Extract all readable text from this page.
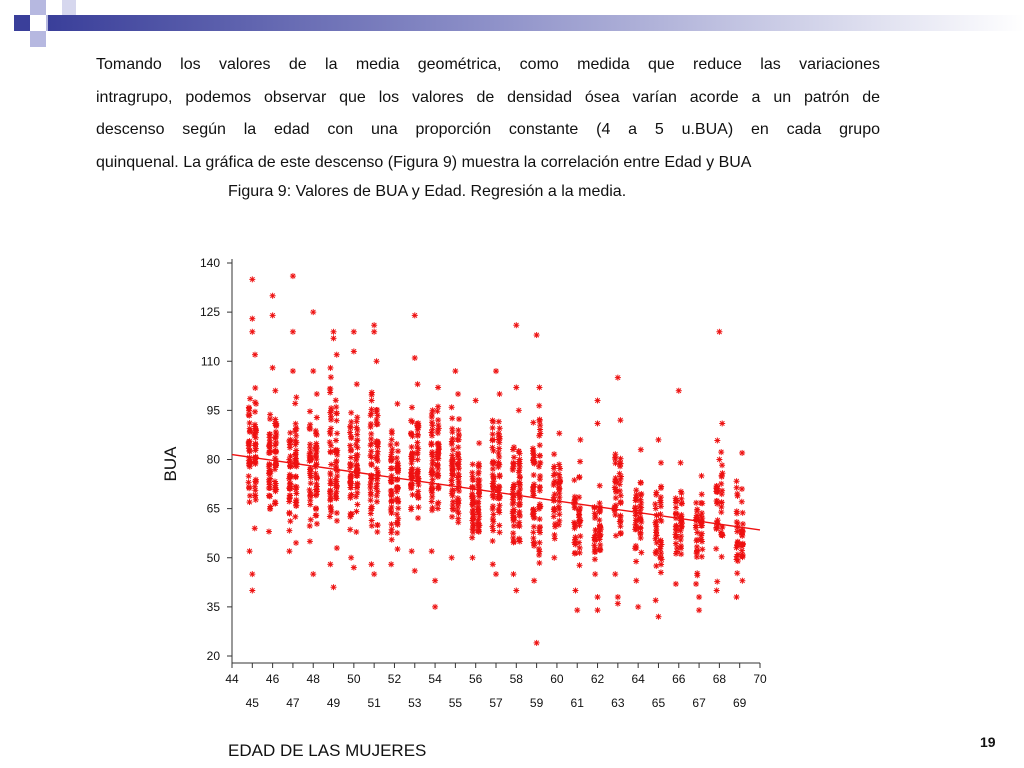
Tomando los valores de la media geométrica, como medida que reduce las variaciones

intragrupo, podemos observar que los valores de densidad ósea varían acorde a un patrón de

descenso según la edad con una proporción constante (4 a 5 u.BUA) en cada grupo

quinquenal. La gráfica de este descenso (Figura 9) muestra la correlación entre Edad y BUA

Figura 9: Valores de BUA y Edad. Regresión a la media.
BUA
140
125
110
95
80
65
50
35
20
44 46 48 50 52 54 56 58 60 62 64 66 68 70
45 47 49 51 53 55 57 59 61 63 65 67 69
EDAD DE LAS MUJERES	19
